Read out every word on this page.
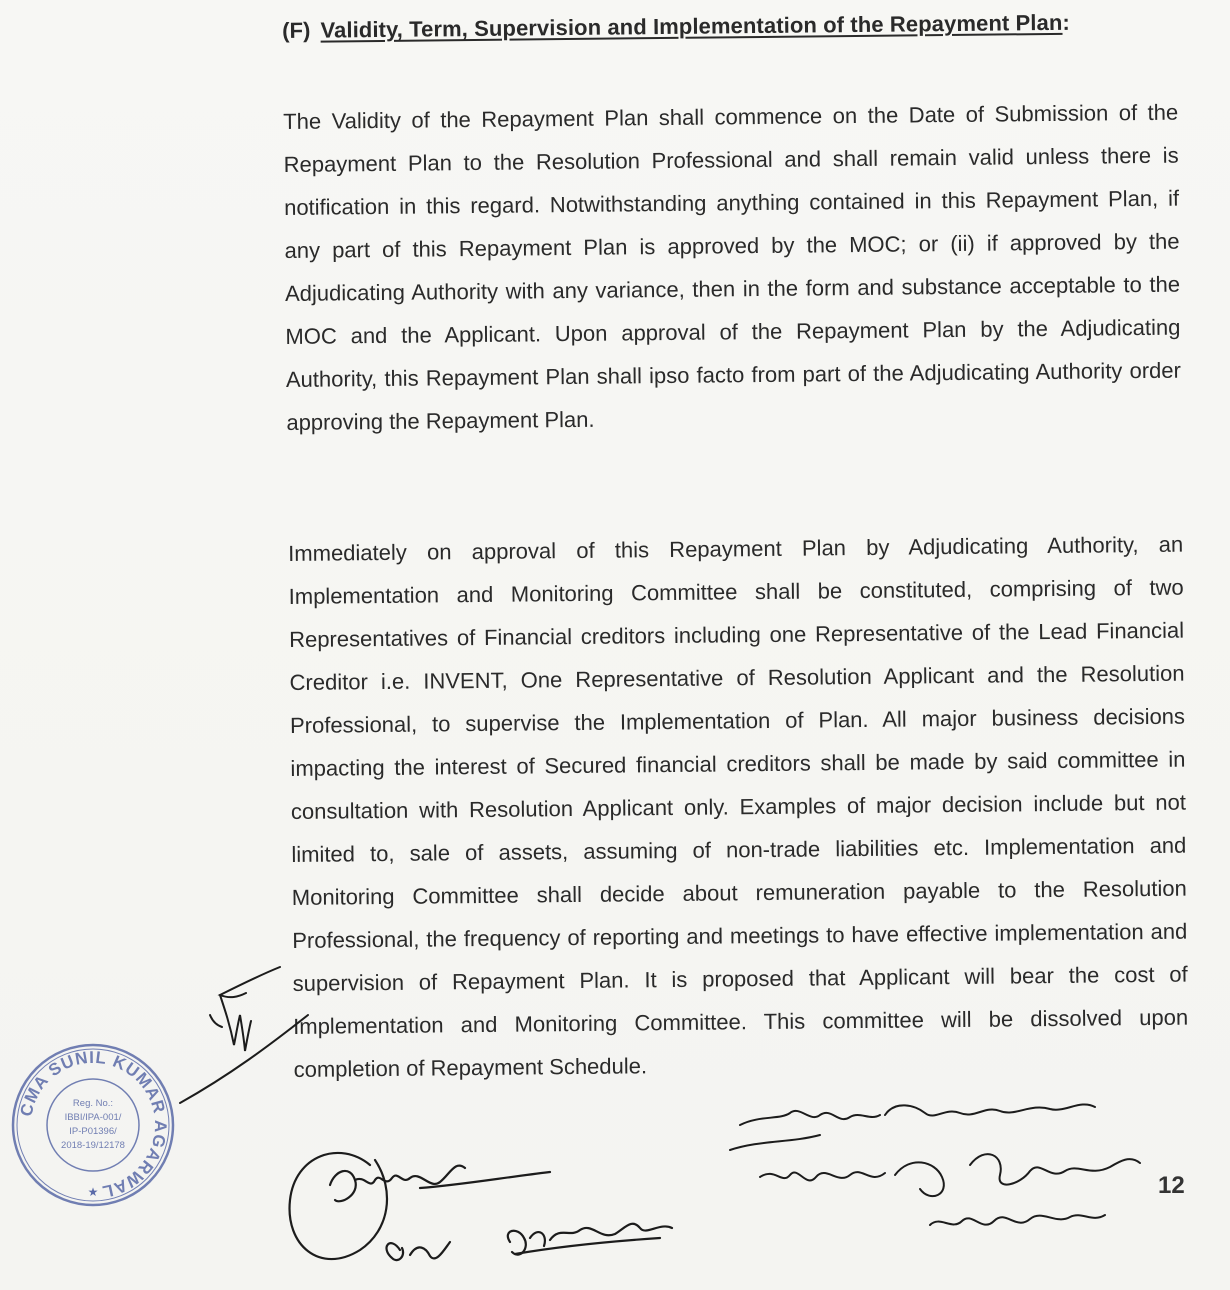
(F) Validity, Term, Supervision and Implementation of the Repayment Plan:
The Validity of the Repayment Plan shall commence on the Date of Submission of the Repayment Plan to the Resolution Professional and shall remain valid unless there is notification in this regard. Notwithstanding anything contained in this Repayment Plan, if any part of this Repayment Plan is approved by the MOC; or (ii) if approved by the Adjudicating Authority with any variance, then in the form and substance acceptable to the MOC and the Applicant. Upon approval of the Repayment Plan by the Adjudicating Authority, this Repayment Plan shall ipso facto from part of the Adjudicating Authority order approving the Repayment Plan.
Immediately on approval of this Repayment Plan by Adjudicating Authority, an Implementation and Monitoring Committee shall be constituted, comprising of two Representatives of Financial creditors including one Representative of the Lead Financial Creditor i.e. INVENT, One Representative of Resolution Applicant and the Resolution Professional, to supervise the Implementation of Plan. All major business decisions impacting the interest of Secured financial creditors shall be made by said committee in consultation with Resolution Applicant only. Examples of major decision include but not limited to, sale of assets, assuming of non-trade liabilities etc. Implementation and Monitoring Committee shall decide about remuneration payable to the Resolution Professional, the frequency of reporting and meetings to have effective implementation and supervision of Repayment Plan. It is proposed that Applicant will bear the cost of Implementation and Monitoring Committee. This committee will be dissolved upon completion of Repayment Schedule.
CMA SUNIL KUMAR AGARWAL
Reg. No.:
IBBI/IPA-001/
IP-P01396/
2018-19/12178
★	12
